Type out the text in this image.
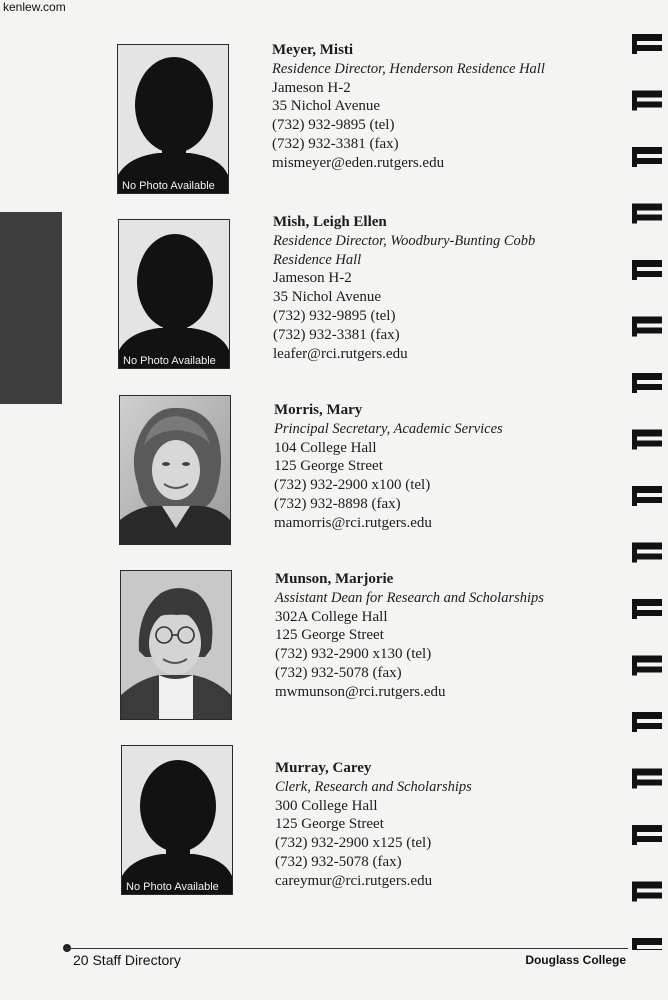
kenlew.com
No Photo Available
Meyer, Misti
Residence Director, Henderson Residence Hall
Jameson H-2
35 Nichol Avenue
(732) 932-9895 (tel)
(732) 932-3381 (fax)
mismeyer@eden.rutgers.edu
No Photo Available
Mish, Leigh Ellen
Residence Director, Woodbury-Bunting Cobb
Residence Hall
Jameson H-2
35 Nichol Avenue
(732) 932-9895 (tel)
(732) 932-3381 (fax)
leafer@rci.rutgers.edu
Morris, Mary
Principal Secretary, Academic Services
104 College Hall
125 George Street
(732) 932-2900 x100 (tel)
(732) 932-8898 (fax)
mamorris@rci.rutgers.edu
Munson, Marjorie
Assistant Dean for Research and Scholarships
302A College Hall
125 George Street
(732) 932-2900 x130 (tel)
(732) 932-5078 (fax)
mwmunson@rci.rutgers.edu
No Photo Available
Murray, Carey
Clerk, Research and Scholarships
300 College Hall
125 George Street
(732) 932-2900 x125 (tel)
(732) 932-5078 (fax)
careymur@rci.rutgers.edu
20 Staff Directory	Douglass College
